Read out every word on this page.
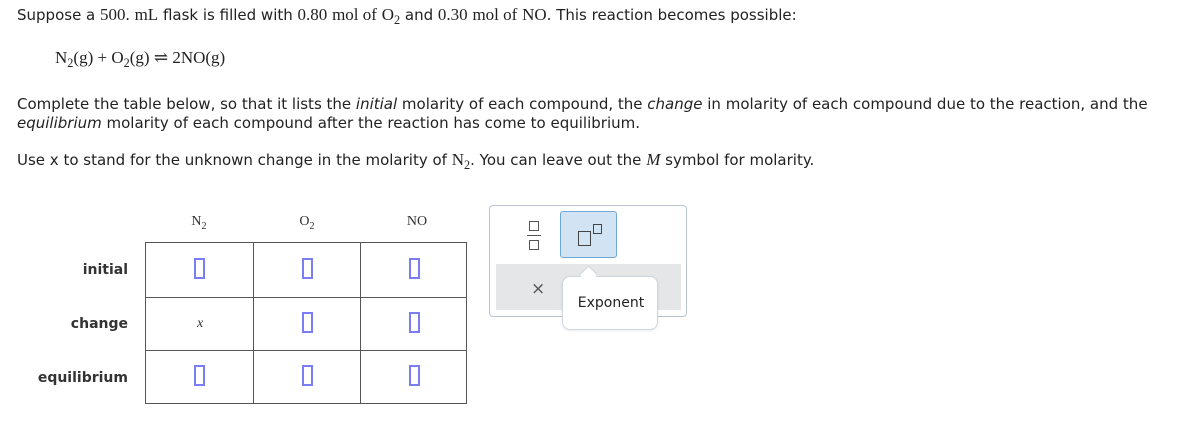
Suppose a 500. mL flask is filled with 0.80 mol of $O_2$ and 0.30 mol of NO. This reaction becomes possible:
$N_2(g) + O_2(g)$ ⇌ 2NO(g)
Complete the table below, so that it lists the initial molarity of each compound, the change in molarity of each compound due to the reaction, and the
equilibrium molarity of each compound after the reaction has come to equilibrium.
Use x to stand for the unknown change in the molarity of $N_2$. You can leave out the M symbol for molarity.
$N_2$	$O_2$	NO
initial
change
equilibrium
x
×
Exponent
